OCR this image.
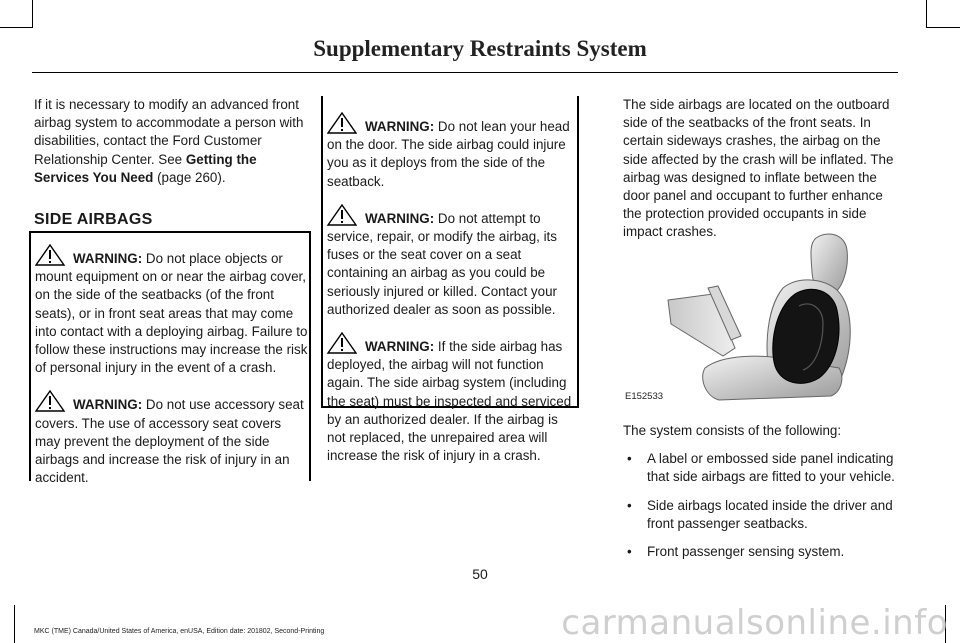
Supplementary Restraints System

If it is necessary to modify an advanced front airbag system to accommodate a person with disabilities, contact the Ford Customer Relationship Center. See Getting the Services You Need (page 260).

SIDE AIRBAGS

WARNING: Do not place objects or mount equipment on or near the airbag cover, on the side of the seatbacks (of the front seats), or in front seat areas that may come into contact with a deploying airbag. Failure to follow these instructions may increase the risk of personal injury in the event of a crash.

WARNING: Do not use accessory seat covers. The use of accessory seat covers may prevent the deployment of the side airbags and increase the risk of injury in an accident.

WARNING: Do not lean your head on the door. The side airbag could injure you as it deploys from the side of the seatback.

WARNING: Do not attempt to service, repair, or modify the airbag, its fuses or the seat cover on a seat containing an airbag as you could be seriously injured or killed. Contact your authorized dealer as soon as possible.

WARNING: If the side airbag has deployed, the airbag will not function again. The side airbag system (including the seat) must be inspected and serviced by an authorized dealer. If the airbag is not replaced, the unrepaired area will increase the risk of injury in a crash.

The side airbags are located on the outboard side of the seatbacks of the front seats. In certain sideways crashes, the airbag on the side affected by the crash will be inflated. The airbag was designed to inflate between the door panel and occupant to further enhance the protection provided occupants in side impact crashes.

E152533

The system consists of the following:

• A label or embossed side panel indicating that side airbags are fitted to your vehicle.
• Side airbags located inside the driver and front passenger seatbacks.
• Front passenger sensing system.
50
MKC (TME) Canada/United States of America, enUSA, Edition date: 201802, Second-Printing	carmanualsonline.info
